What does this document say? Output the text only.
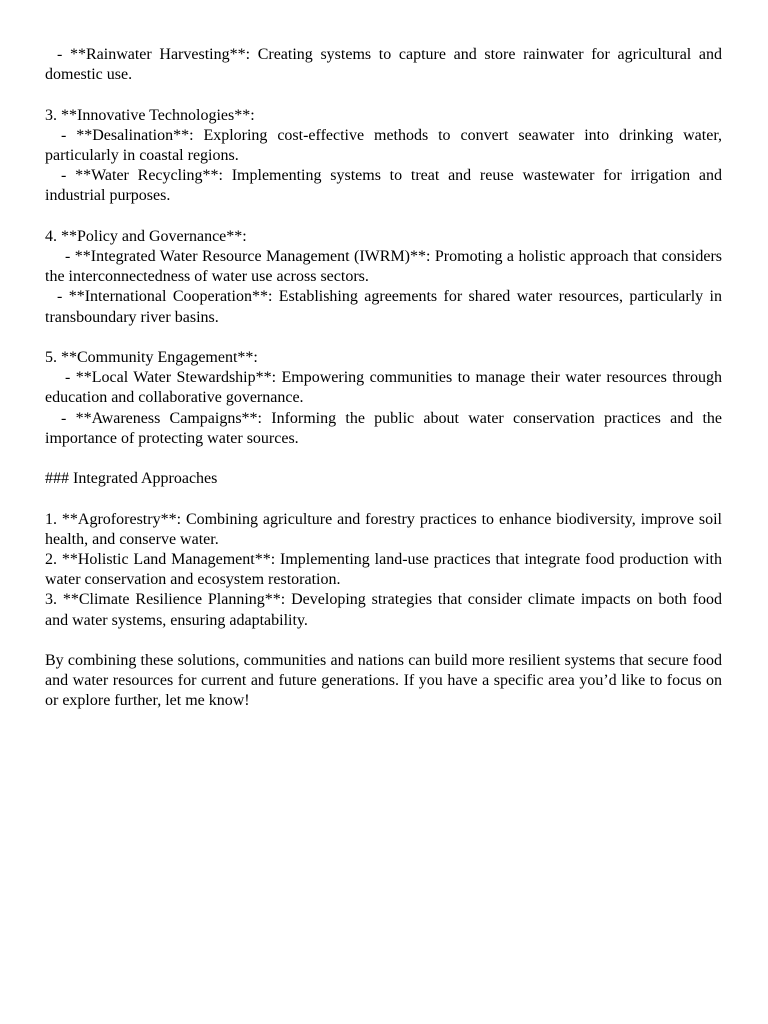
- **Rainwater Harvesting**: Creating systems to capture and store rainwater for agricultural and domestic use.
3. **Innovative Technologies**:
- **Desalination**: Exploring cost-effective methods to convert seawater into drinking water, particularly in coastal regions.
- **Water Recycling**: Implementing systems to treat and reuse wastewater for irrigation and industrial purposes.
4. **Policy and Governance**:
- **Integrated Water Resource Management (IWRM)**: Promoting a holistic approach that considers the interconnectedness of water use across sectors.
- **International Cooperation**: Establishing agreements for shared water resources, particularly in transboundary river basins.
5. **Community Engagement**:
- **Local Water Stewardship**: Empowering communities to manage their water resources through education and collaborative governance.
- **Awareness Campaigns**: Informing the public about water conservation practices and the importance of protecting water sources.
### Integrated Approaches
1. **Agroforestry**: Combining agriculture and forestry practices to enhance biodiversity, improve soil health, and conserve water.
2. **Holistic Land Management**: Implementing land-use practices that integrate food production with water conservation and ecosystem restoration.
3. **Climate Resilience Planning**: Developing strategies that consider climate impacts on both food and water systems, ensuring adaptability.
By combining these solutions, communities and nations can build more resilient systems that secure food and water resources for current and future generations. If you have a specific area you’d like to focus on or explore further, let me know!
